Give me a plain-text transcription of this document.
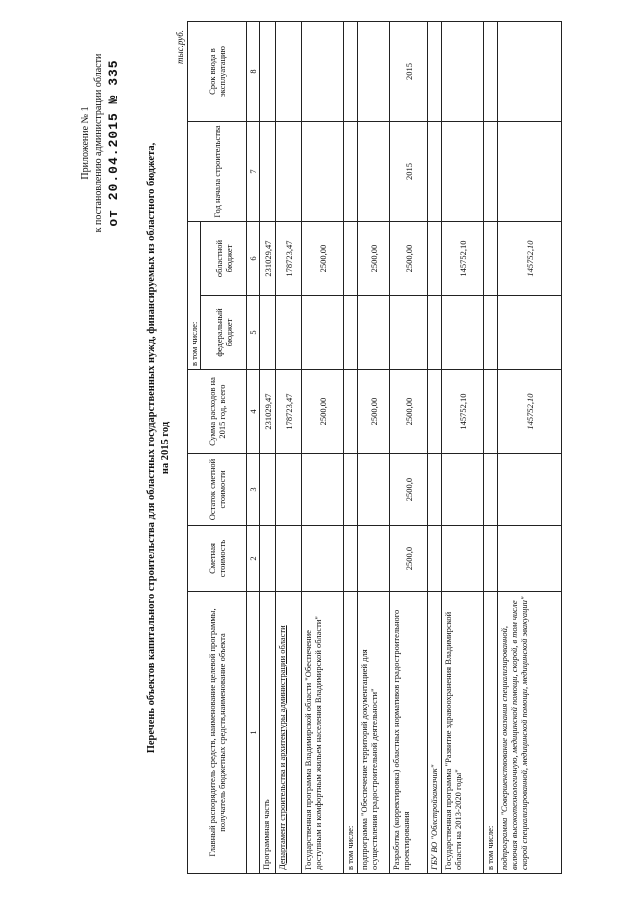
Приложение № 1 к постановлению администрации области от 20.04.2015 № 335 Перечень объектов капитального строительства для областных государственных нужд, финансируемых из областного бюджета, на 2015 год
тыс.руб.
Главный распорядитель средств, наименование целевой программы, получатель бюджетных средств,наименование объекта	Сметная стоимость	Остаток сметной стоимости	Сумма расходов на 2015 год, всего	в том числе:		Год начала строительства	Срок ввода в эксплуатацию
				федеральный бюджет	областной бюджет		
1	2	3	4	5	6	7	8
Программная часть			231029,47		231029,47		
Департамент строительства и архитектуры администрации области			178723,47		178723,47		
Государственная программа Владимирской области "Обеспечение доступным и комфортным жильем населения Владимирской области"			2500,00		2500,00		
в том числе:							
подпрограмма "Обеспечение территорий документацией для осуществления градостроительной деятельности"			2500,00		2500,00		
Разработка (корректировка) областных нормативов градостроительного проектирования	2500,0	2500,0	2500,00		2500,00	2015	2015
ГБУ ВО "Облстройзаказчик"							
Государственная программа "Развитие здравоохранения Владимирской области на 2013-2020 годы"			145752,10		145752,10		
в том числе:							
подпрограмма "Совершенствование оказания специализированной, включая высокотехнологичную, медицинской помощи, скорой, в том числе скорой специализированной, медицинской помощи, медицинской эвакуации"			145752,10		145752,10		
